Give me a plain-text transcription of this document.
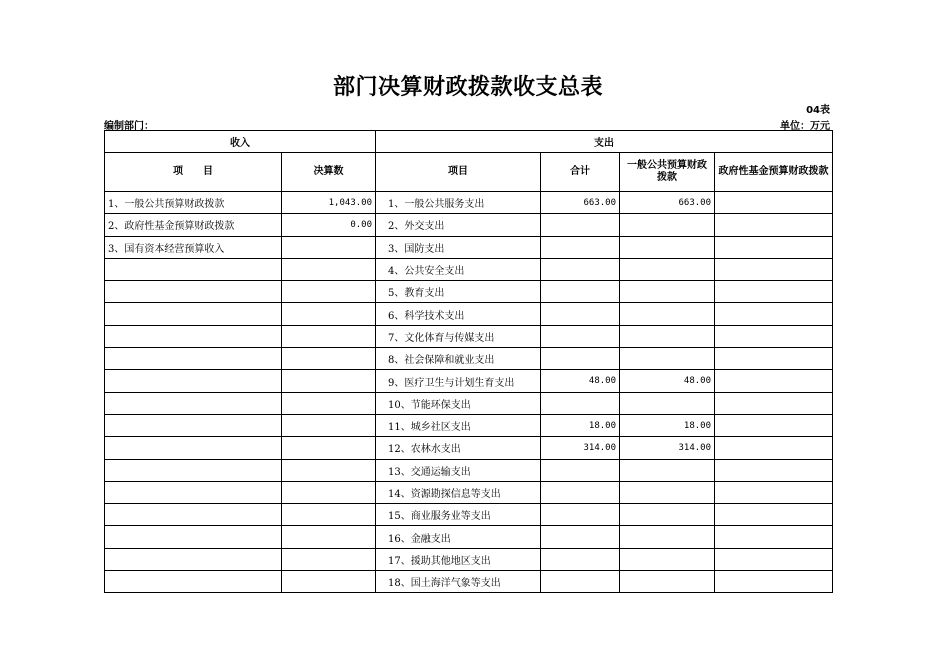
部门决算财政拨款收支总表
04表
编制部门：	单位：万元
收入		支出			
项　　目	决算数	项目	合计	一般公共预算财政拨款	政府性基金预算财政拨款
1、一般公共预算财政拨款	1,043.00	1、一般公共服务支出	663.00	663.00	
2、政府性基金预算财政拨款	0.00	2、外交支出			
3、国有资本经营预算收入		3、国防支出			
		4、公共安全支出			
		5、教育支出			
		6、科学技术支出			
		7、文化体育与传媒支出			
		8、社会保障和就业支出			
		9、医疗卫生与计划生育支出	48.00	48.00	
		10、节能环保支出			
		11、城乡社区支出	18.00	18.00	
		12、农林水支出	314.00	314.00	
		13、交通运输支出			
		14、资源勘探信息等支出			
		15、商业服务业等支出			
		16、金融支出			
		17、援助其他地区支出			
		18、国土海洋气象等支出			
